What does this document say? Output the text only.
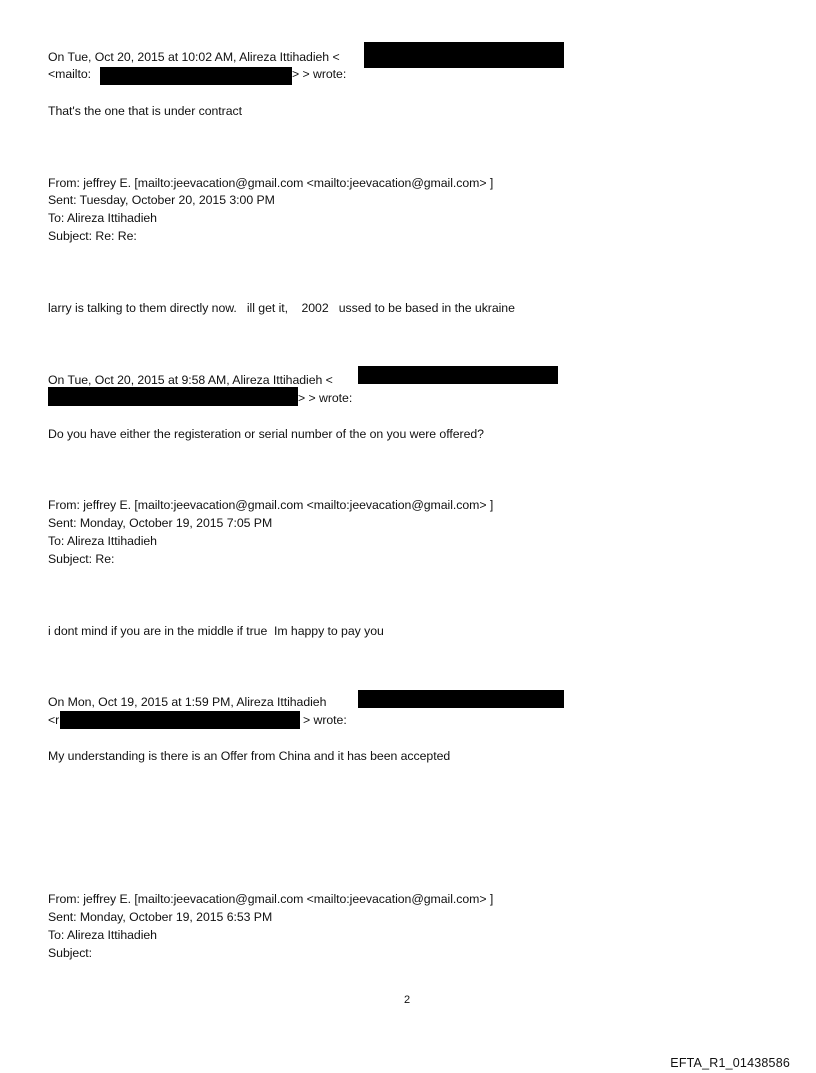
On Tue, Oct 20, 2015 at 10:02 AM, Alireza Ittihadieh <

<mailto:	> > wrote:

That's the one that is under contract

From: jeffrey E. [mailto:jeevacation@gmail.com <mailto:jeevacation@gmail.com> ]

Sent: Tuesday, October 20, 2015 3:00 PM

To: Alireza Ittihadieh

Subject: Re: Re:

larry is talking to them directly now.   ill get it,    2002   ussed to be based in the ukraine

On Tue, Oct 20, 2015 at 9:58 AM, Alireza Ittihadieh <

> > wrote:

Do you have either the registeration or serial number of the on you were offered?

From: jeffrey E. [mailto:jeevacation@gmail.com <mailto:jeevacation@gmail.com> ]

Sent: Monday, October 19, 2015 7:05 PM

To: Alireza Ittihadieh

Subject: Re:

i dont mind if you are in the middle if true  Im happy to pay you

On Mon, Oct 19, 2015 at 1:59 PM, Alireza Ittihadieh

<r	> wrote:

My understanding is there is an Offer from China and it has been accepted

From: jeffrey E. [mailto:jeevacation@gmail.com <mailto:jeevacation@gmail.com> ]

Sent: Monday, October 19, 2015 6:53 PM

To: Alireza Ittihadieh

Subject:

2
EFTA_R1_01438586
